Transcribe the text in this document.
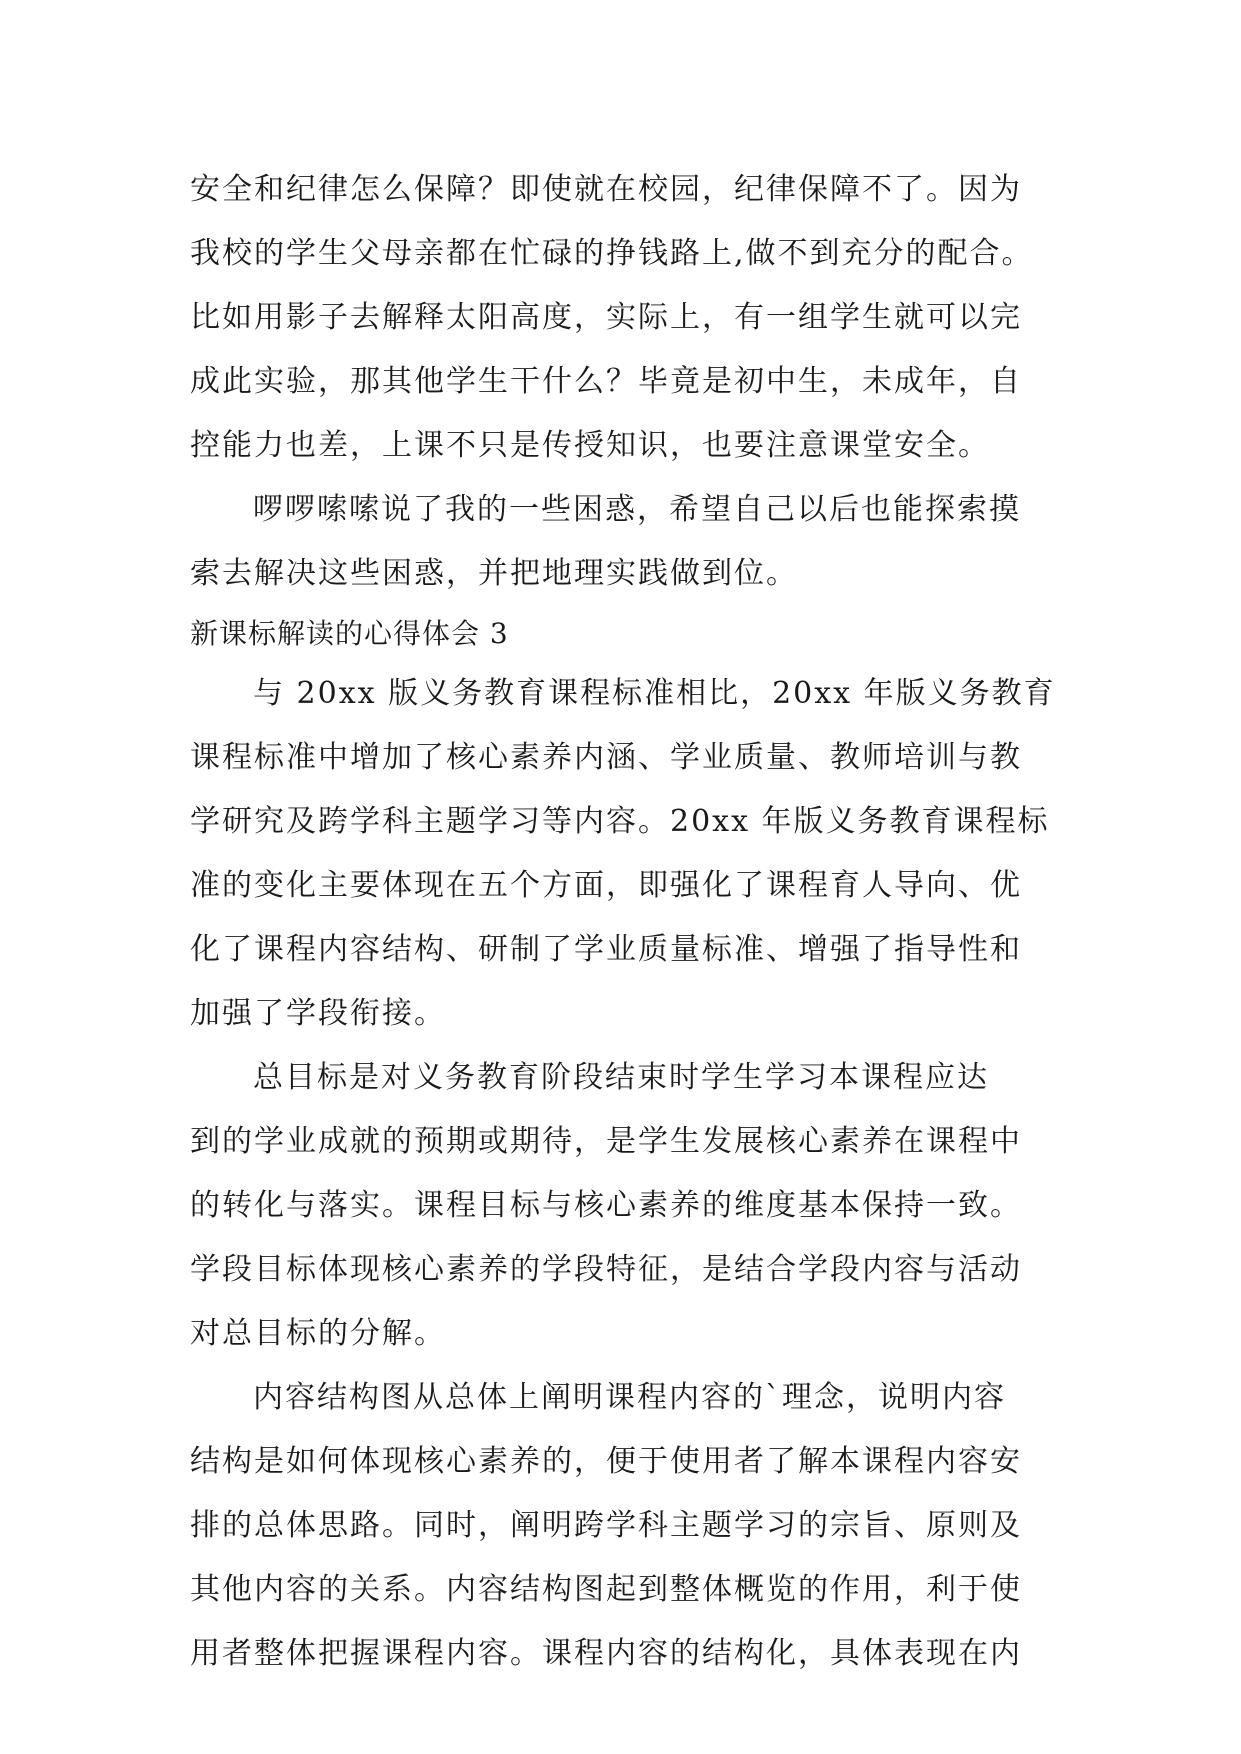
安全和纪律怎么保障？即使就在校园，纪律保障不了。因为
我校的学生父母亲都在忙碌的挣钱路上,做不到充分的配合。
比如用影子去解释太阳高度，实际上，有一组学生就可以完
成此实验，那其他学生干什么？毕竟是初中生，未成年，自
控能力也差，上课不只是传授知识，也要注意课堂安全。
啰啰嗦嗦说了我的一些困惑，希望自己以后也能探索摸
索去解决这些困惑，并把地理实践做到位。
新课标解读的心得体会 3
与 20xx 版义务教育课程标准相比，20xx 年版义务教育
课程标准中增加了核心素养内涵、学业质量、教师培训与教
学研究及跨学科主题学习等内容。20xx 年版义务教育课程标
准的变化主要体现在五个方面，即强化了课程育人导向、优
化了课程内容结构、研制了学业质量标准、增强了指导性和
加强了学段衔接。
总目标是对义务教育阶段结束时学生学习本课程应达
到的学业成就的预期或期待，是学生发展核心素养在课程中
的转化与落实。课程目标与核心素养的维度基本保持一致。
学段目标体现核心素养的学段特征，是结合学段内容与活动
对总目标的分解。
内容结构图从总体上阐明课程内容的`理念，说明内容
结构是如何体现核心素养的，便于使用者了解本课程内容安
排的总体思路。同时，阐明跨学科主题学习的宗旨、原则及
其他内容的关系。内容结构图起到整体概览的作用，利于使
用者整体把握课程内容。课程内容的结构化，具体表现在内
